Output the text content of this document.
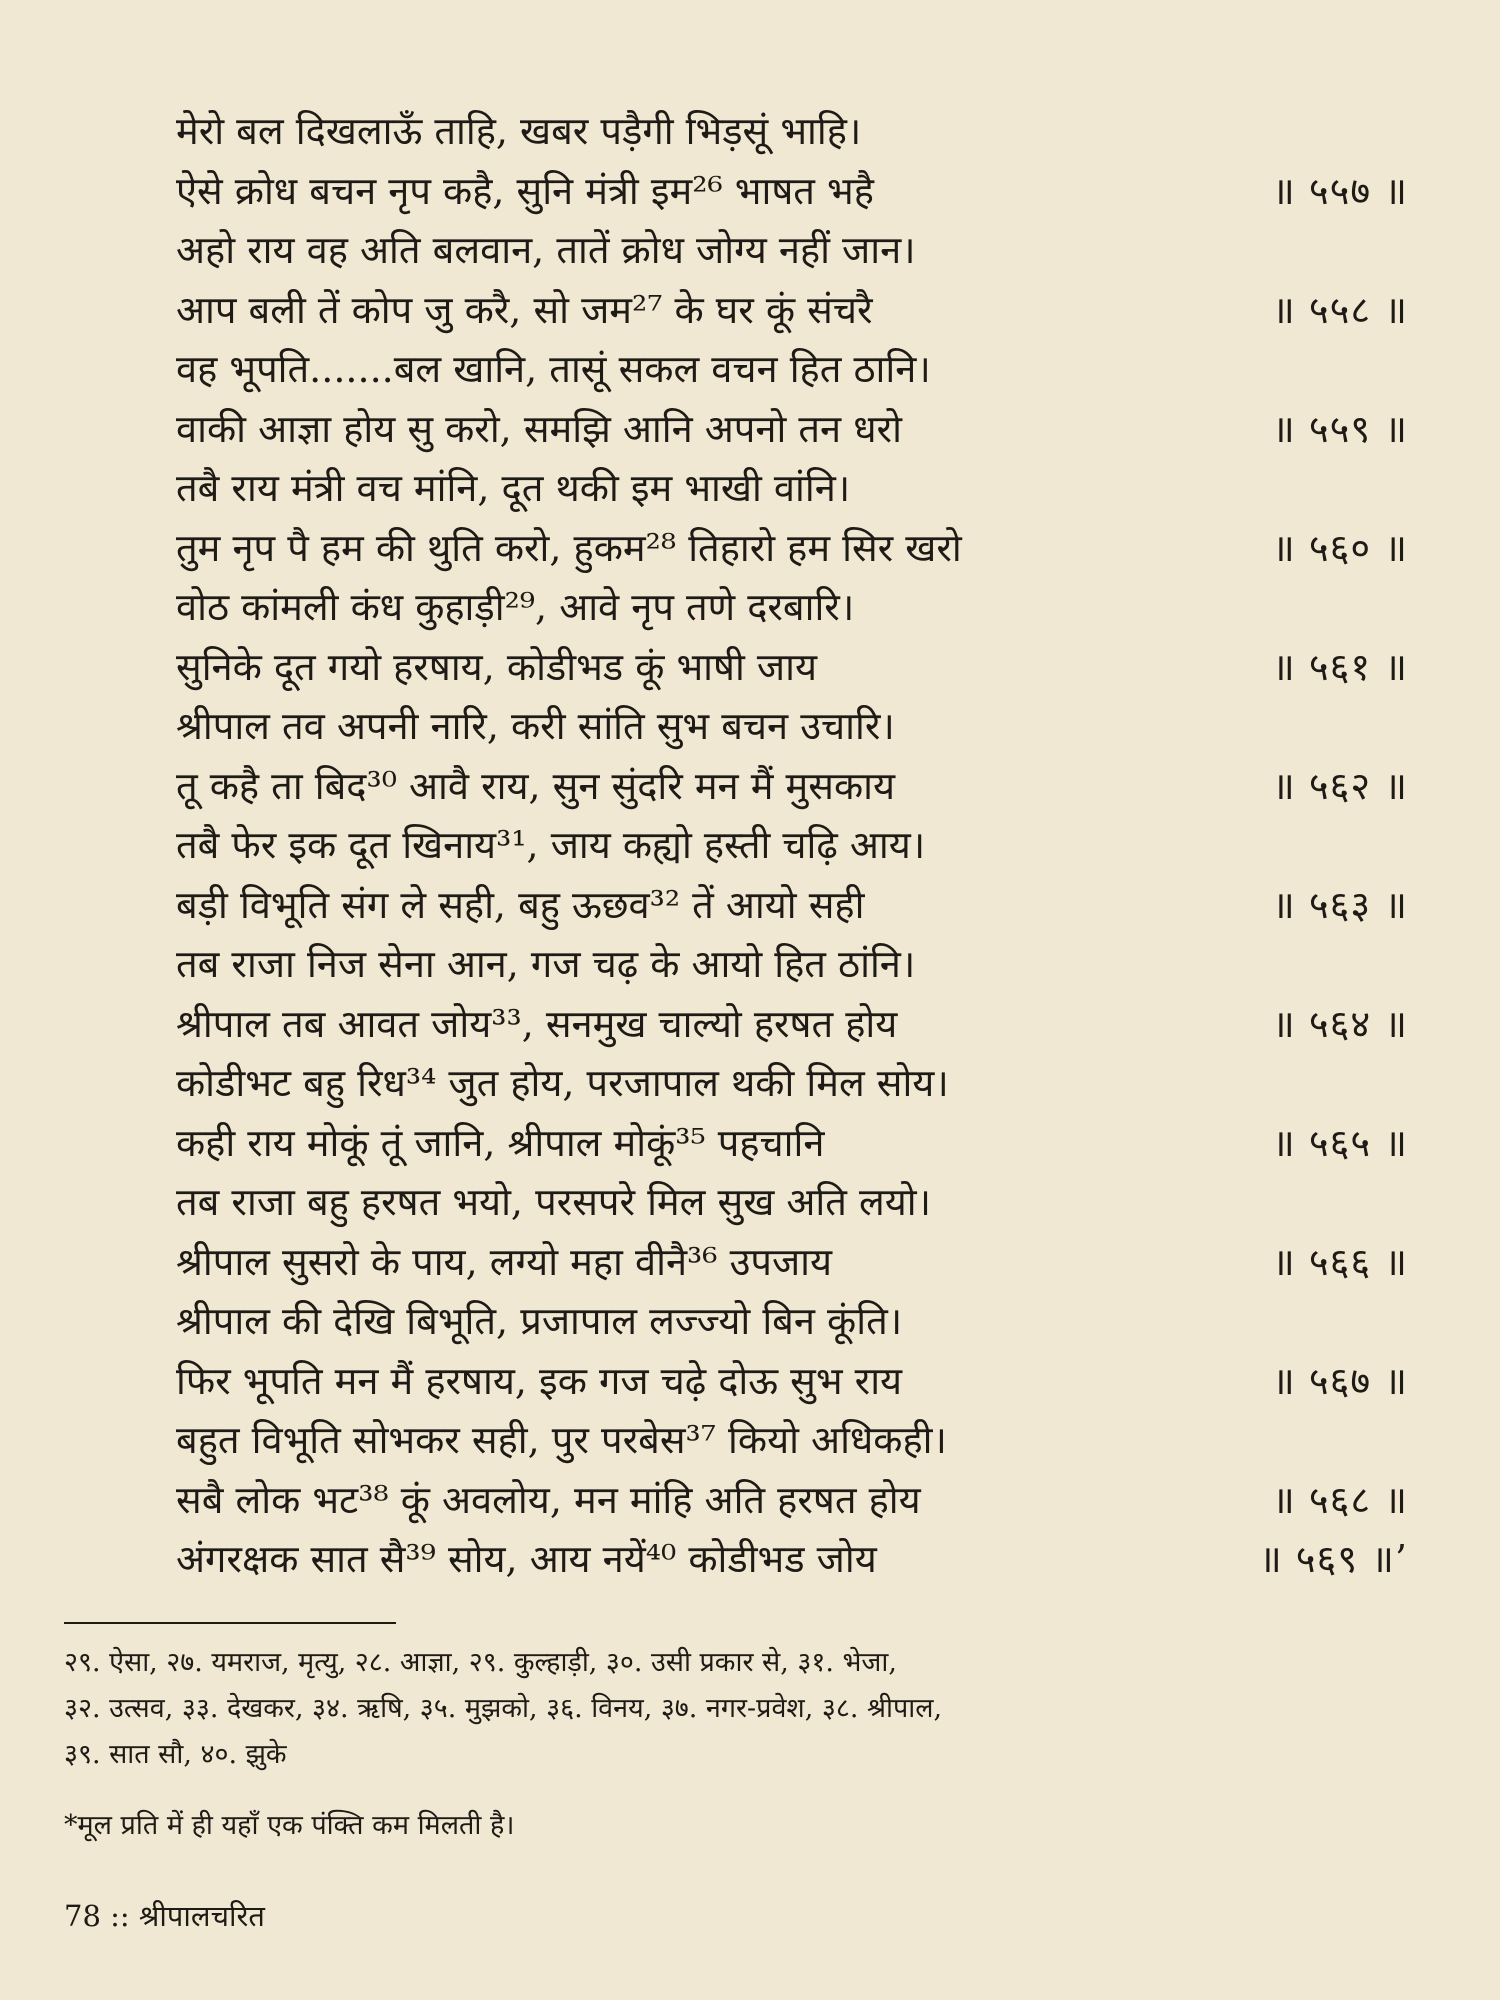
मेरो बल दिखलाऊँ ताहि, खबर पड़ैगी भिड़सूं भाहि।
ऐसे क्रोध बचन नृप कहै, सुनि मंत्री इम²⁶ भाषत भहै	॥ ५५७ ॥
अहो राय वह अति बलवान, तातें क्रोध जोग्य नहीं जान।
आप बली तें कोप जु करै, सो जम²⁷ के घर कूं संचरै	॥ ५५८ ॥
वह भूपति.......बल खानि, तासूं सकल वचन हित ठानि।
वाकी आज्ञा होय सु करो, समझि आनि अपनो तन धरो	॥ ५५९ ॥
तबै राय मंत्री वच मांनि, दूत थकी इम भाखी वांनि।
तुम नृप पै हम की थुति करो, हुकम²⁸ तिहारो हम सिर खरो	॥ ५६० ॥
वोठ कांमली कंध कुहाड़ी²⁹, आवे नृप तणे दरबारि।
सुनिके दूत गयो हरषाय, कोडीभड कूं भाषी जाय	॥ ५६१ ॥
श्रीपाल तव अपनी नारि, करी सांति सुभ बचन उचारि।
तू कहै ता बिद³⁰ आवै राय, सुन सुंदरि मन मैं मुसकाय	॥ ५६२ ॥
तबै फेर इक दूत खिनाय³¹, जाय कह्यो हस्ती चढ़ि आय।
बड़ी विभूति संग ले सही, बहु ऊछव³² तें आयो सही	॥ ५६३ ॥
तब राजा निज सेना आन, गज चढ़ के आयो हित ठांनि।
श्रीपाल तब आवत जोय³³, सनमुख चाल्यो हरषत होय	॥ ५६४ ॥
कोडीभट बहु रिध³⁴ जुत होय, परजापाल थकी मिल सोय।
कही राय मोकूं तूं जानि, श्रीपाल मोकूं³⁵ पहचानि	॥ ५६५ ॥
तब राजा बहु हरषत भयो, परसपरे मिल सुख अति लयो।
श्रीपाल सुसरो के पाय, लग्यो महा वीनै³⁶ उपजाय	॥ ५६६ ॥
श्रीपाल की देखि बिभूति, प्रजापाल लज्ज्यो बिन कूंति।
फिर भूपति मन मैं हरषाय, इक गज चढ़े दोऊ सुभ राय	॥ ५६७ ॥
बहुत विभूति सोभकर सही, पुर परबेस³⁷ कियो अधिकही।
सबै लोक भट³⁸ कूं अवलोय, मन मांहि अति हरषत होय	॥ ५६८ ॥
अंगरक्षक सात सै³⁹ सोय, आय नयें⁴⁰ कोडीभड जोय	॥ ५६९ ॥’
२९. ऐसा, २७. यमराज, मृत्यु, २८. आज्ञा, २९. कुल्हाड़ी, ३०. उसी प्रकार से, ३१. भेजा,
३२. उत्सव, ३३. देखकर, ३४. ऋषि, ३५. मुझको, ३६. विनय, ३७. नगर-प्रवेश, ३८. श्रीपाल,
३९. सात सौ, ४०. झुके
*मूल प्रति में ही यहाँ एक पंक्ति कम मिलती है।
78 :: श्रीपालचरित
